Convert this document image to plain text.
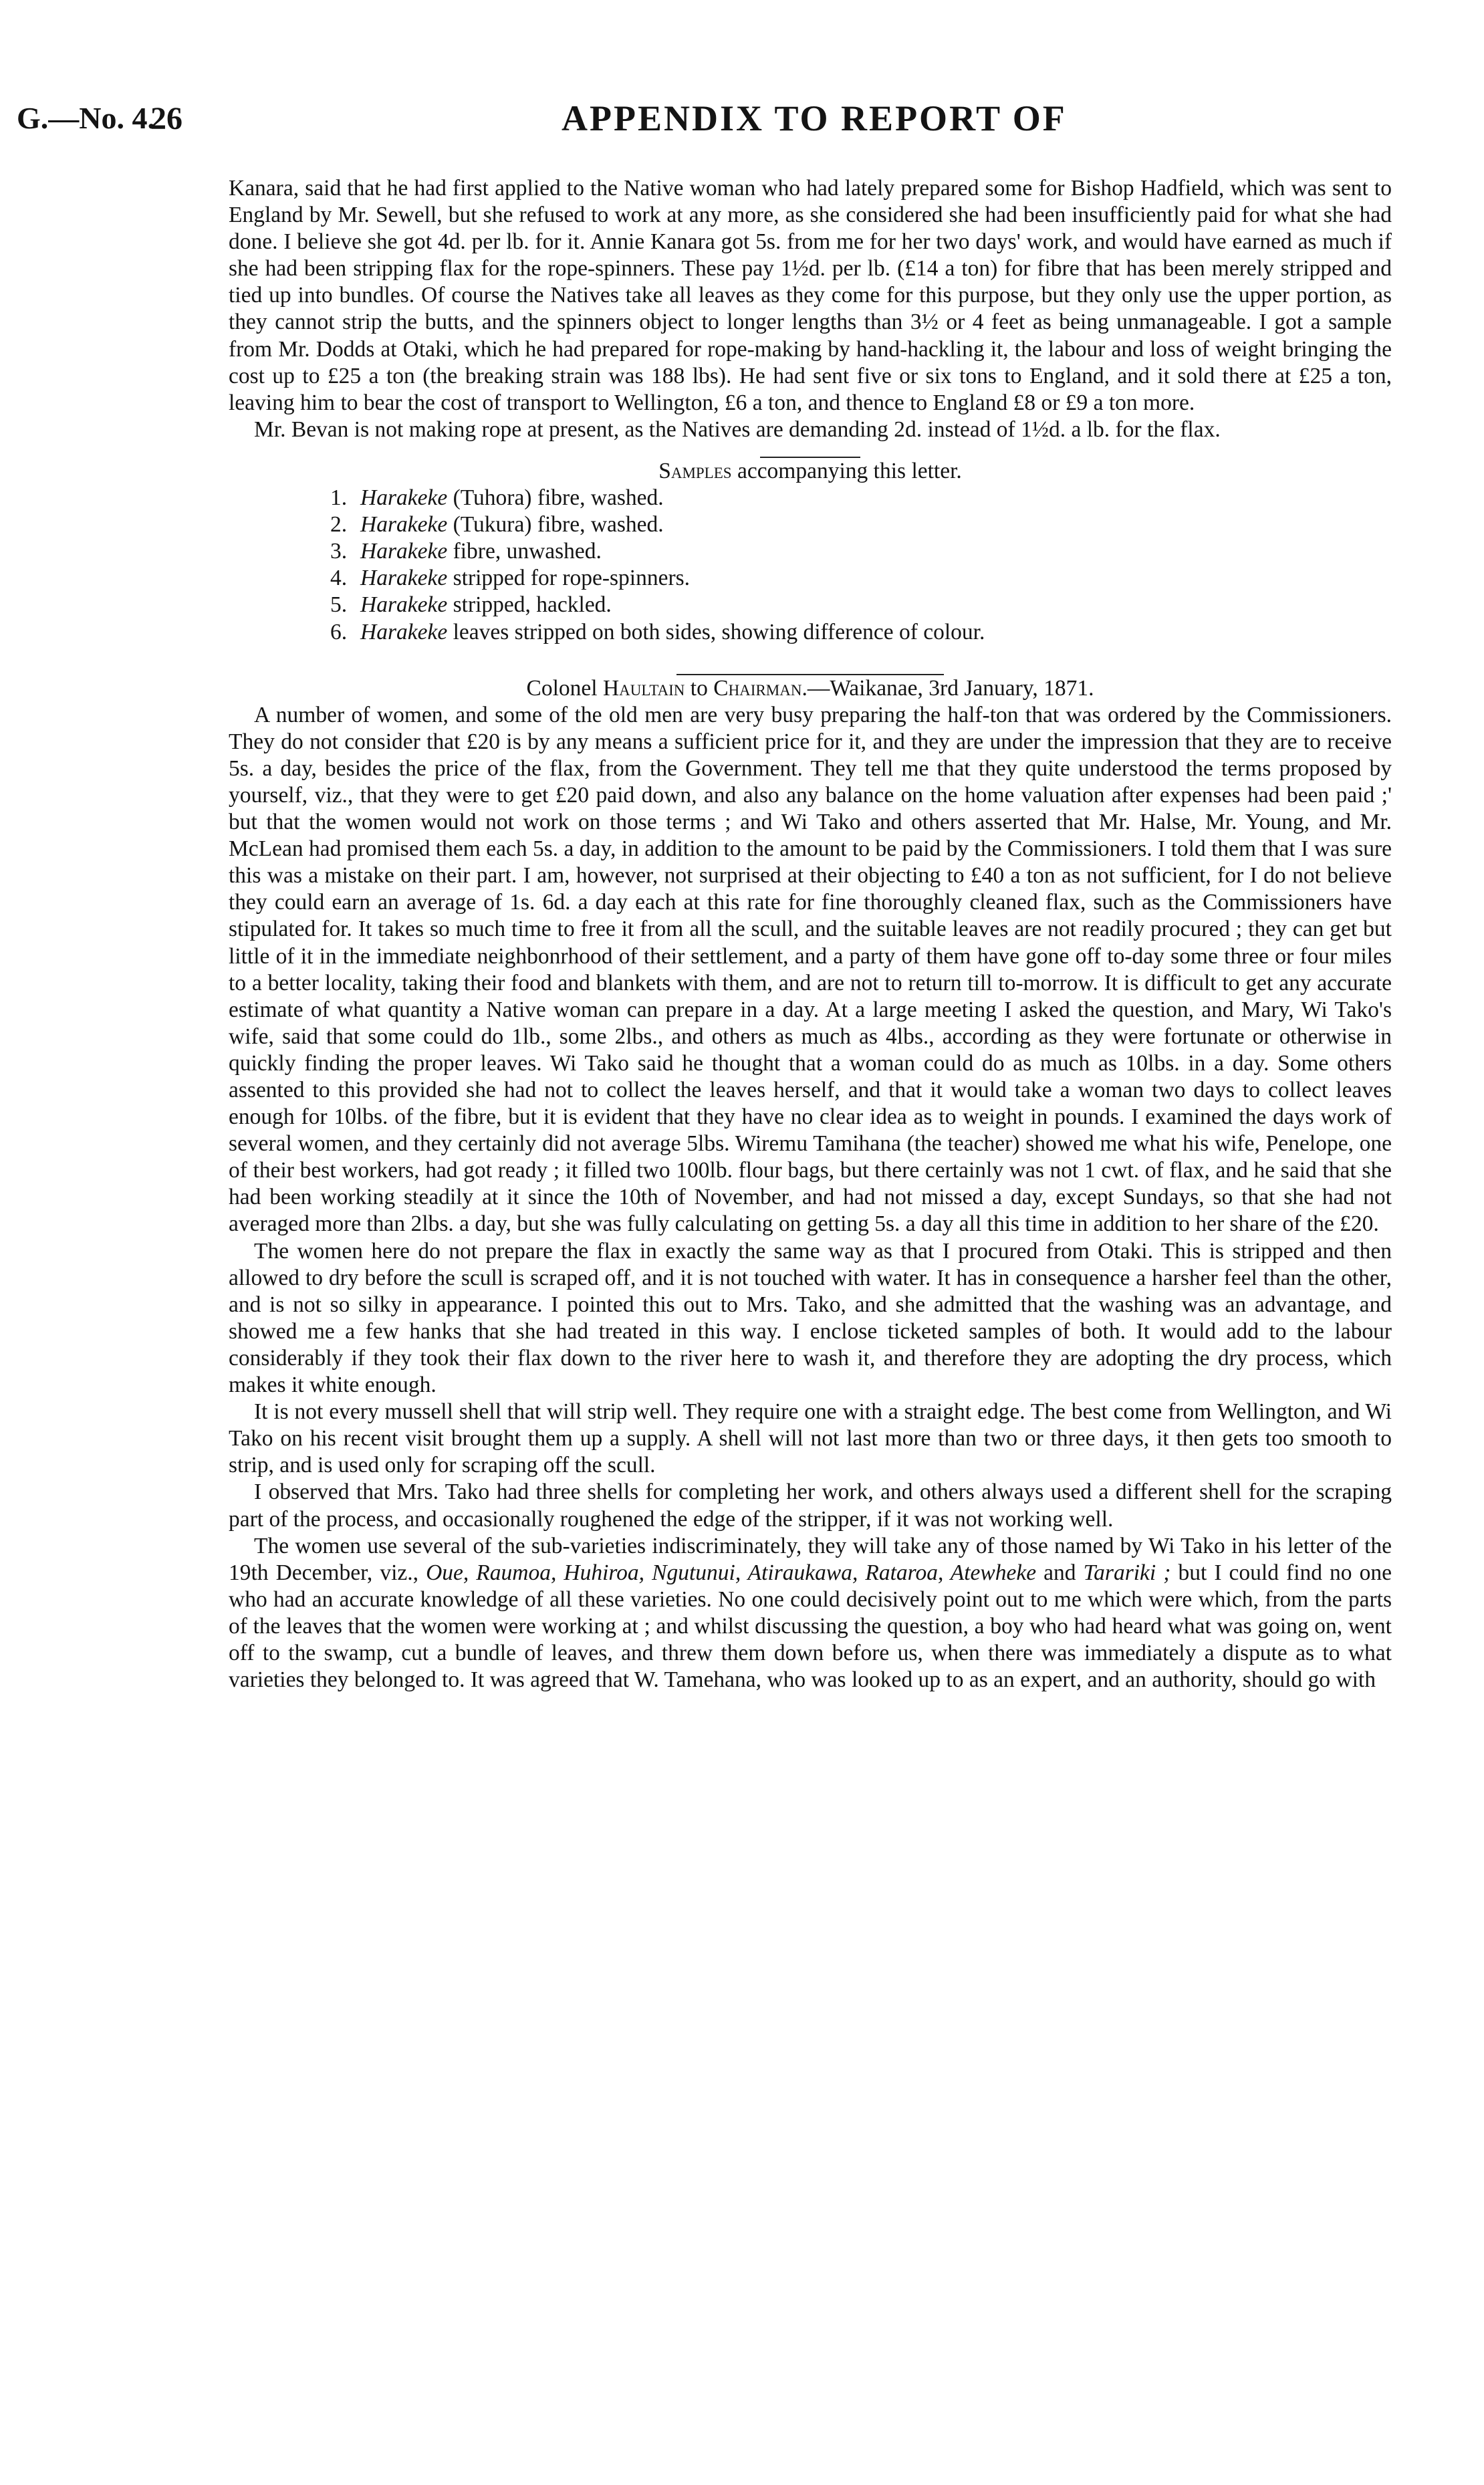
G.—No. 4.
26	APPENDIX TO REPORT OF

Kanara, said that he had first applied to the Native woman who had lately prepared some for Bishop Hadfield, which was sent to England by Mr. Sewell, but she refused to work at any more, as she considered she had been insufficiently paid for what she had done. I believe she got 4d. per lb. for it. Annie Kanara got 5s. from me for her two days' work, and would have earned as much if she had been stripping flax for the rope-spinners. These pay 1½d. per lb. (£14 a ton) for fibre that has been merely stripped and tied up into bundles. Of course the Natives take all leaves as they come for this purpose, but they only use the upper portion, as they cannot strip the butts, and the spinners object to longer lengths than 3½ or 4 feet as being unmanageable. I got a sample from Mr. Dodds at Otaki, which he had prepared for rope-making by hand-hackling it, the labour and loss of weight bringing the cost up to £25 a ton (the breaking strain was 188 lbs). He had sent five or six tons to England, and it sold there at £25 a ton, leaving him to bear the cost of transport to Wellington, £6 a ton, and thence to England £8 or £9 a ton more.

Mr. Bevan is not making rope at present, as the Natives are demanding 2d. instead of 1½d. a lb. for the flax.

Samples accompanying this letter.

1. Harakeke (Tuhora) fibre, washed.
2. Harakeke (Tukura) fibre, washed.
3. Harakeke fibre, unwashed.
4. Harakeke stripped for rope-spinners.
5. Harakeke stripped, hackled.
6. Harakeke leaves stripped on both sides, showing difference of colour.

Colonel Haultain to Chairman.—Waikanae, 3rd January, 1871.

A number of women, and some of the old men are very busy preparing the half-ton that was ordered by the Commissioners. They do not consider that £20 is by any means a sufficient price for it, and they are under the impression that they are to receive 5s. a day, besides the price of the flax, from the Government. They tell me that they quite understood the terms proposed by yourself, viz., that they were to get £20 paid down, and also any balance on the home valuation after expenses had been paid ;' but that the women would not work on those terms ; and Wi Tako and others asserted that Mr. Halse, Mr. Young, and Mr. McLean had promised them each 5s. a day, in addition to the amount to be paid by the Commissioners. I told them that I was sure this was a mistake on their part. I am, however, not surprised at their objecting to £40 a ton as not sufficient, for I do not believe they could earn an average of 1s. 6d. a day each at this rate for fine thoroughly cleaned flax, such as the Commissioners have stipulated for. It takes so much time to free it from all the scull, and the suitable leaves are not readily procured ; they can get but little of it in the immediate neighbonrhood of their settlement, and a party of them have gone off to-day some three or four miles to a better locality, taking their food and blankets with them, and are not to return till to-morrow. It is difficult to get any accurate estimate of what quantity a Native woman can prepare in a day. At a large meeting I asked the question, and Mary, Wi Tako's wife, said that some could do 1lb., some 2lbs., and others as much as 4lbs., according as they were fortunate or otherwise in quickly finding the proper leaves. Wi Tako said he thought that a woman could do as much as 10lbs. in a day. Some others assented to this provided she had not to collect the leaves herself, and that it would take a woman two days to collect leaves enough for 10lbs. of the fibre, but it is evident that they have no clear idea as to weight in pounds. I examined the days work of several women, and they certainly did not average 5lbs. Wiremu Tamihana (the teacher) showed me what his wife, Penelope, one of their best workers, had got ready ; it filled two 100lb. flour bags, but there certainly was not 1 cwt. of flax, and he said that she had been working steadily at it since the 10th of November, and had not missed a day, except Sundays, so that she had not averaged more than 2lbs. a day, but she was fully calculating on getting 5s. a day all this time in addition to her share of the £20.

The women here do not prepare the flax in exactly the same way as that I procured from Otaki. This is stripped and then allowed to dry before the scull is scraped off, and it is not touched with water. It has in consequence a harsher feel than the other, and is not so silky in appearance. I pointed this out to Mrs. Tako, and she admitted that the washing was an advantage, and showed me a few hanks that she had treated in this way. I enclose ticketed samples of both. It would add to the labour considerably if they took their flax down to the river here to wash it, and therefore they are adopting the dry process, which makes it white enough.

It is not every mussell shell that will strip well. They require one with a straight edge. The best come from Wellington, and Wi Tako on his recent visit brought them up a supply. A shell will not last more than two or three days, it then gets too smooth to strip, and is used only for scraping off the scull.

I observed that Mrs. Tako had three shells for completing her work, and others always used a different shell for the scraping part of the process, and occasionally roughened the edge of the stripper, if it was not working well.

The women use several of the sub-varieties indiscriminately, they will take any of those named by Wi Tako in his letter of the 19th December, viz., Oue, Raumoa, Huhiroa, Ngutunui, Atiraukawa, Rataroa, Atewheke and Tarariki ; but I could find no one who had an accurate knowledge of all these varieties. No one could decisively point out to me which were which, from the parts of the leaves that the women were working at ; and whilst discussing the question, a boy who had heard what was going on, went off to the swamp, cut a bundle of leaves, and threw them down before us, when there was immediately a dispute as to what varieties they belonged to. It was agreed that W. Tamehana, who was looked up to as an expert, and an authority, should go with
